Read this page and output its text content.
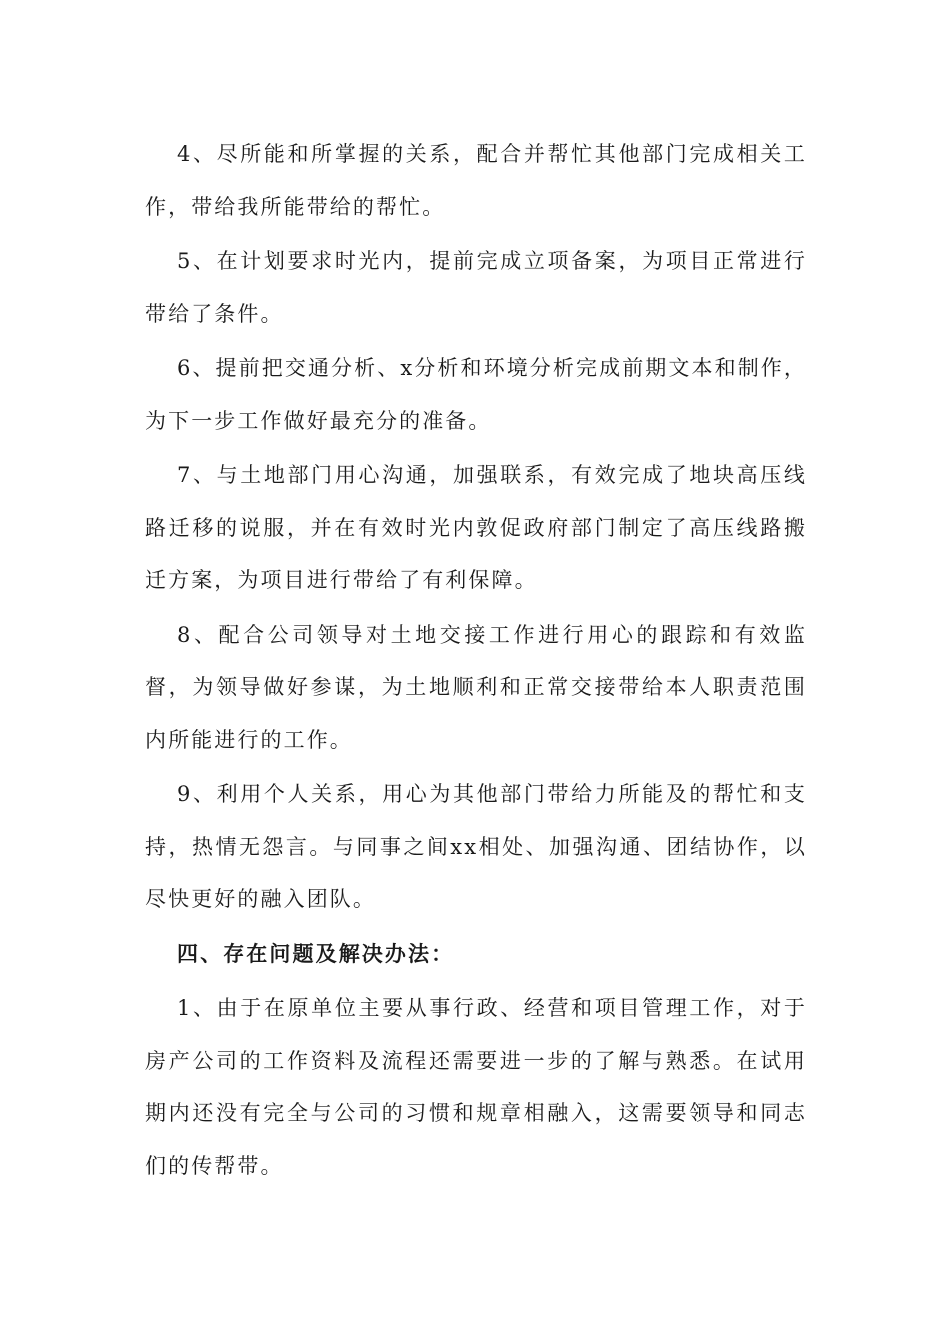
4、尽所能和所掌握的关系，配合并帮忙其他部门完成相关工作，带给我所能带给的帮忙。

5、在计划要求时光内，提前完成立项备案，为项目正常进行带给了条件。

6、提前把交通分析、x分析和环境分析完成前期文本和制作，为下一步工作做好最充分的准备。

7、与土地部门用心沟通，加强联系，有效完成了地块高压线路迁移的说服，并在有效时光内敦促政府部门制定了高压线路搬迁方案，为项目进行带给了有利保障。

8、配合公司领导对土地交接工作进行用心的跟踪和有效监督，为领导做好参谋，为土地顺利和正常交接带给本人职责范围内所能进行的工作。

9、利用个人关系，用心为其他部门带给力所能及的帮忙和支持，热情无怨言。与同事之间xx相处、加强沟通、团结协作，以尽快更好的融入团队。

四、存在问题及解决办法：

1、由于在原单位主要从事行政、经营和项目管理工作，对于房产公司的工作资料及流程还需要进一步的了解与熟悉。在试用期内还没有完全与公司的习惯和规章相融入，这需要领导和同志们的传帮带。
